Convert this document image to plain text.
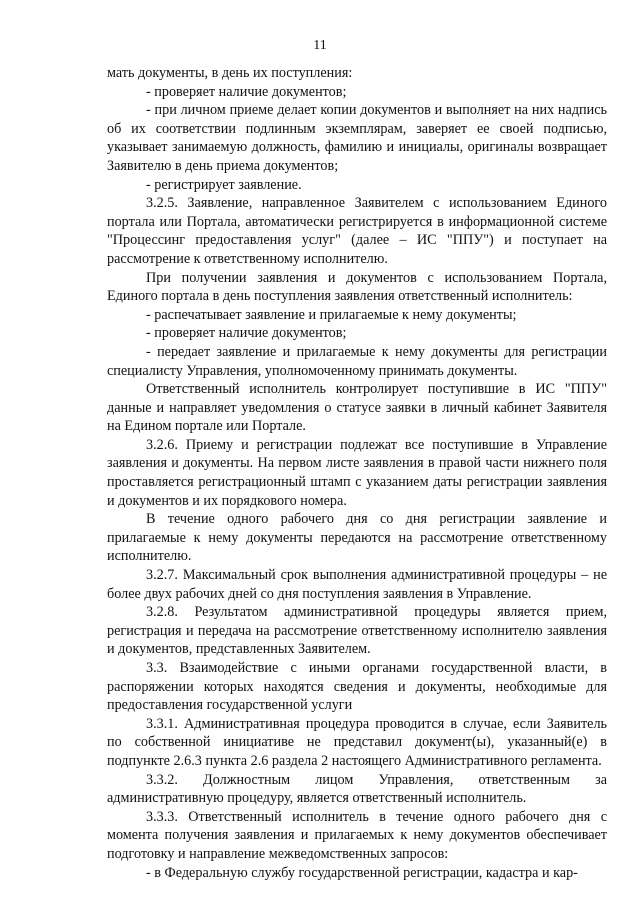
11

мать документы, в день их поступления:

- проверяет наличие документов;

- при личном приеме делает копии документов и выполняет на них надпись об их соответствии подлинным экземплярам, заверяет ее своей подписью, указывает занимаемую должность, фамилию и инициалы, оригиналы возвращает Заявителю в день приема документов;

- регистрирует заявление.

3.2.5. Заявление, направленное Заявителем с использованием Единого портала или Портала, автоматически регистрируется в информационной системе "Процессинг предоставления услуг" (далее – ИС "ППУ") и поступает на рассмотрение к ответственному исполнителю.

При получении заявления и документов с использованием Портала, Единого портала в день поступления заявления ответственный исполнитель:

- распечатывает заявление и прилагаемые к нему документы;

- проверяет наличие документов;

- передает заявление и прилагаемые к нему документы для регистрации специалисту Управления, уполномоченному принимать документы.

Ответственный исполнитель контролирует поступившие в ИС "ППУ" данные и направляет уведомления о статусе заявки в личный кабинет Заявителя на Едином портале или Портале.

3.2.6. Приему и регистрации подлежат все поступившие в Управление заявления и документы. На первом листе заявления в правой части нижнего поля проставляется регистрационный штамп с указанием даты регистрации заявления и документов и их порядкового номера.

В течение одного рабочего дня со дня регистрации заявление и прилагаемые к нему документы передаются на рассмотрение ответственному исполнителю.

3.2.7. Максимальный срок выполнения административной процедуры – не более двух рабочих дней со дня поступления заявления в Управление.

3.2.8. Результатом административной процедуры является прием, регистрация и передача на рассмотрение ответственному исполнителю заявления и документов, представленных Заявителем.

3.3. Взаимодействие с иными органами государственной власти, в распоряжении которых находятся сведения и документы, необходимые для предоставления государственной услуги

3.3.1. Административная процедура проводится в случае, если Заявитель по собственной инициативе не представил документ(ы), указанный(е) в подпункте 2.6.3 пункта 2.6 раздела 2 настоящего Административного регламента.

3.3.2. Должностным лицом Управления, ответственным за административную процедуру, является ответственный исполнитель.

3.3.3. Ответственный исполнитель в течение одного рабочего дня с момента получения заявления и прилагаемых к нему документов обеспечивает подготовку и направление межведомственных запросов:

- в Федеральную службу государственной регистрации, кадастра и кар-
